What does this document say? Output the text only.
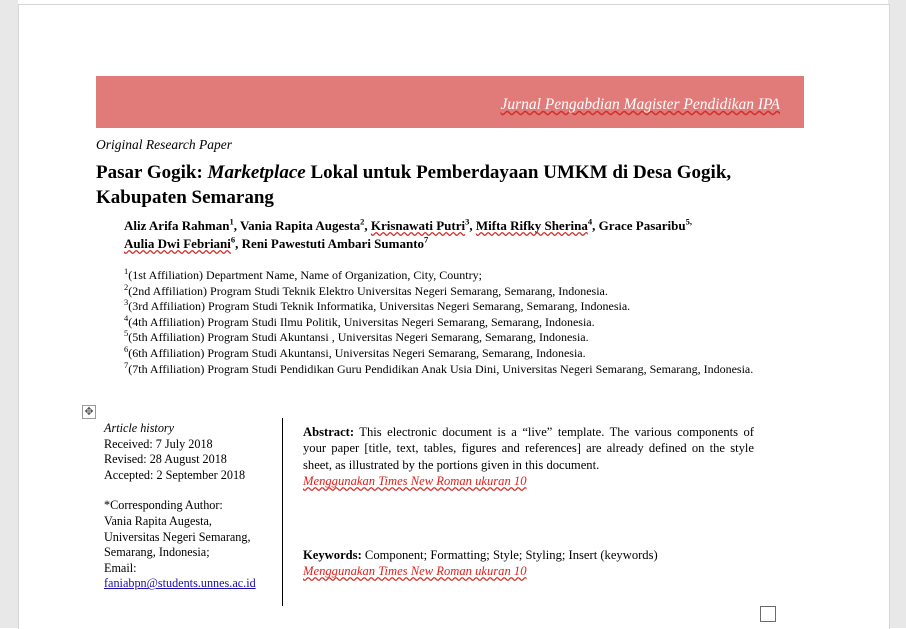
Jurnal Pengabdian Magister Pendidikan IPA
Original Research Paper
Pasar Gogik: Marketplace Lokal untuk Pemberdayaan UMKM di Desa Gogik,
Kabupaten Semarang
Aliz Arifa Rahman$^1$, Vania Rapita Augesta$^2$, Krisnawati Putri$^3$, Mifta Rifky Sherina$^4$, Grace Pasaribu$^{5,}$
Aulia Dwi Febriani$^6$, Reni Pawestuti Ambari Sumanto$^7$
$^1$(1st Affiliation) Department Name, Name of Organization, City, Country;
$^2$(2nd Affiliation) Program Studi Teknik Elektro Universitas Negeri Semarang, Semarang, Indonesia.
$^3$(3rd Affiliation) Program Studi Teknik Informatika, Universitas Negeri Semarang, Semarang, Indonesia.
$^4$(4th Affiliation) Program Studi Ilmu Politik, Universitas Negeri Semarang, Semarang, Indonesia.
$^5$(5th Affiliation) Program Studi Akuntansi , Universitas Negeri Semarang, Semarang, Indonesia.
$^6$(6th Affiliation) Program Studi Akuntansi, Universitas Negeri Semarang, Semarang, Indonesia.
$^7$(7th Affiliation) Program Studi Pendidikan Guru Pendidikan Anak Usia Dini, Universitas Negeri Semarang, Semarang, Indonesia.
✥
Article history
Received: 7 July 2018
Revised: 28 August 2018
Accepted: 2 September 2018
*Corresponding Author:
Vania Rapita Augesta,
Universitas Negeri Semarang,
Semarang, Indonesia;
Email:
faniabpn@students.unnes.ac.id
Abstract: This electronic document is a “live” template. The various components of your paper [title, text, tables, figures and references] are already defined on the style sheet, as illustrated by the portions given in this document.
Menggunakan Times New Roman ukuran 10
Keywords: Component; Formatting; Style; Styling; Insert (keywords)
Menggunakan Times New Roman ukuran 10
